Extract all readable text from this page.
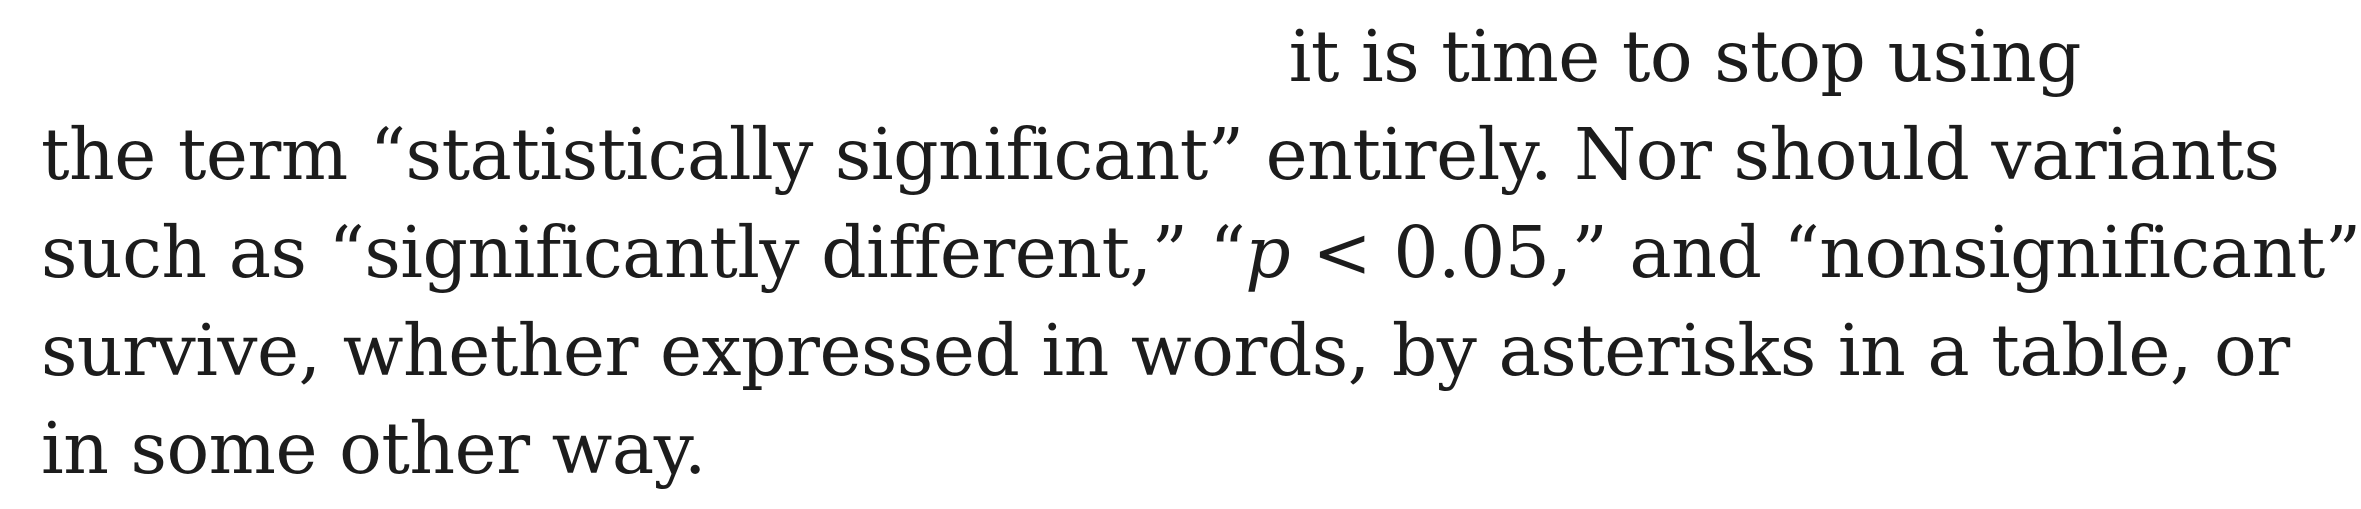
it is time to stop using
the term “statistically significant” entirely. Nor should variants
such as “significantly different,” “p < 0.05,” and “nonsignificant”
survive, whether expressed in words, by asterisks in a table, or
in some other way.
